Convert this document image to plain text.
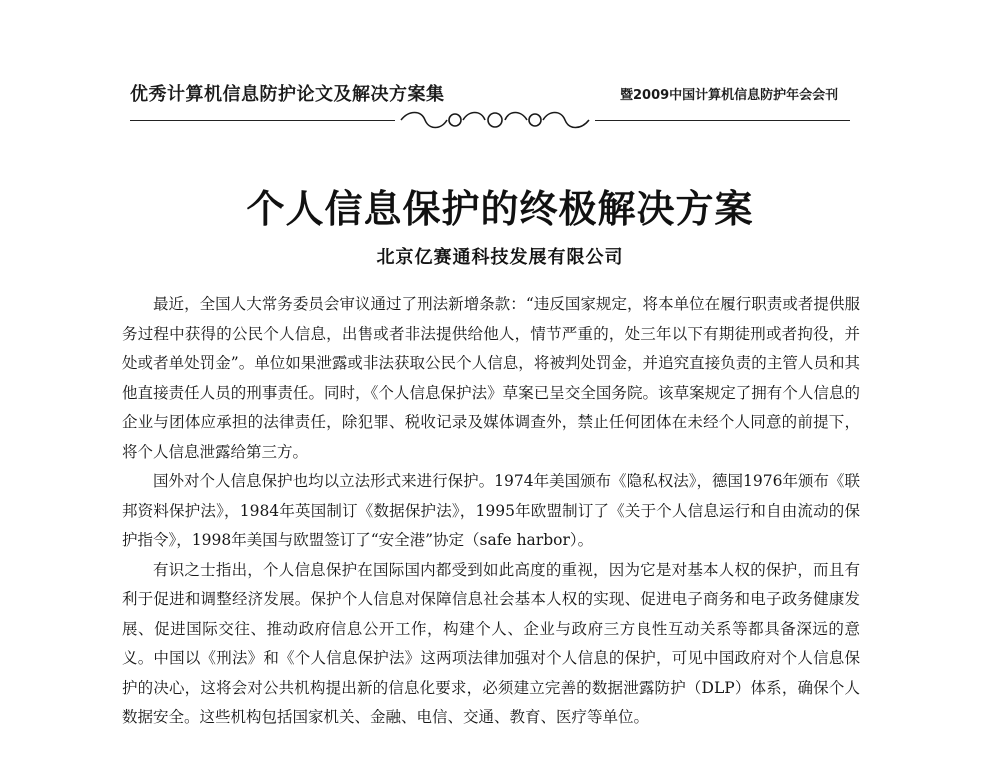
优秀计算机信息防护论文及解决方案集	暨2009中国计算机信息防护年会会刊
个人信息保护的终极解决方案
北京亿赛通科技发展有限公司

最近，全国人大常务委员会审议通过了刑法新增条款：“违反国家规定，将本单位在履行职责或者提供服务过程中获得的公民个人信息，出售或者非法提供给他人，情节严重的，处三年以下有期徒刑或者拘役，并处或者单处罚金”。单位如果泄露或非法获取公民个人信息，将被判处罚金，并追究直接负责的主管人员和其他直接责任人员的刑事责任。同时，《个人信息保护法》草案已呈交全国务院。该草案规定了拥有个人信息的企业与团体应承担的法律责任，除犯罪、税收记录及媒体调查外，禁止任何团体在未经个人同意的前提下，将个人信息泄露给第三方。

国外对个人信息保护也均以立法形式来进行保护。1974年美国颁布《隐私权法》，德国1976年颁布《联邦资料保护法》，1984年英国制订《数据保护法》，1995年欧盟制订了《关于个人信息运行和自由流动的保护指令》，1998年美国与欧盟签订了“安全港”协定（safe harbor）。

有识之士指出，个人信息保护在国际国内都受到如此高度的重视，因为它是对基本人权的保护，而且有利于促进和调整经济发展。保护个人信息对保障信息社会基本人权的实现、促进电子商务和电子政务健康发展、促进国际交往、推动政府信息公开工作，构建个人、企业与政府三方良性互动关系等都具备深远的意义。中国以《刑法》和《个人信息保护法》这两项法律加强对个人信息的保护，可见中国政府对个人信息保护的决心，这将会对公共机构提出新的信息化要求，必须建立完善的数据泄露防护（DLP）体系，确保个人数据安全。这些机构包括国家机关、金融、电信、交通、教育、医疗等单位。
